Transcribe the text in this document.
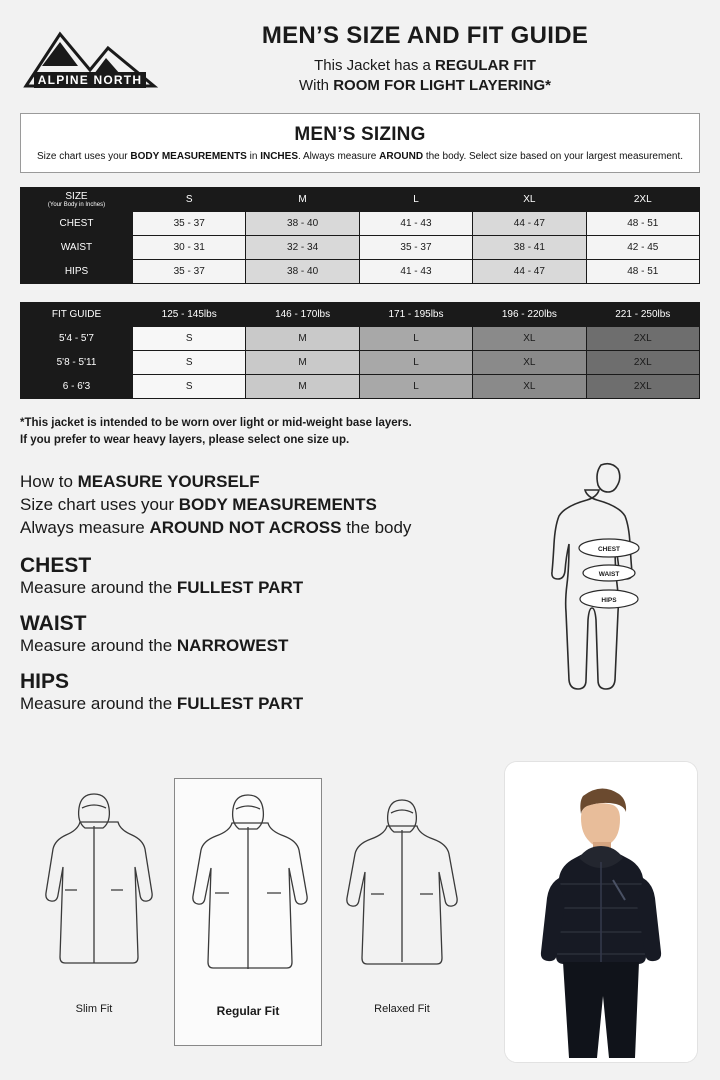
ALPINE NORTH
MEN’S SIZE AND FIT GUIDE
This Jacket has a REGULAR FIT
With ROOM FOR LIGHT LAYERING*
MEN’S SIZING
Size chart uses your BODY MEASUREMENTS in INCHES. Always measure AROUND the body. Select size based on your largest measurement.
SIZE
(Your Body in Inches)	S	M	L	XL	2XL
CHEST	35 - 37	38 - 40	41 - 43	44 - 47	48 - 51
WAIST	30 - 31	32 - 34	35 - 37	38 - 41	42 - 45
HIPS	35 - 37	38 - 40	41 - 43	44 - 47	48 - 51
FIT GUIDE	125 - 145lbs	146 - 170lbs	171 - 195lbs	196 - 220lbs	221 - 250lbs
5'4 - 5'7	S	M	L	XL	2XL
5'8 - 5'11	S	M	L	XL	2XL
6 - 6'3	S	M	L	XL	2XL
*This jacket is intended to be worn over light or mid-weight base layers.
If you prefer to wear heavy layers, please select one size up.
How to MEASURE YOURSELF
Size chart uses your BODY MEASUREMENTS
Always measure AROUND NOT ACROSS the body
CHEST
Measure around the FULLEST PART
WAIST
Measure around the NARROWEST
HIPS
Measure around the FULLEST PART
CHEST
WAIST
HIPS
Slim Fit	Regular Fit	Relaxed Fit
